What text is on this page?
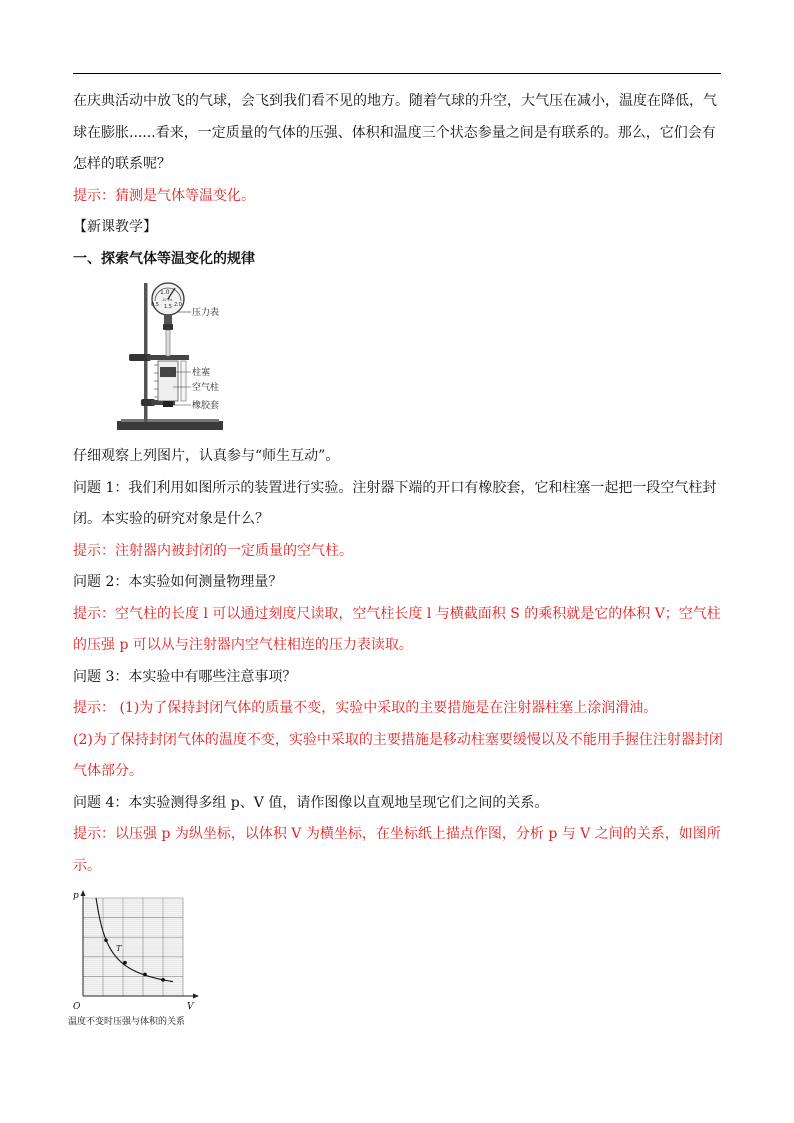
在庆典活动中放飞的气球，会飞到我们看不见的地方。随着气球的升空，大气压在减小，温度在降低，气球在膨胀......看来，一定质量的气体的压强、体积和温度三个状态参量之间是有联系的。那么，它们会有怎样的联系呢？

提示：猜测是气体等温变化。

【新课教学】

一、探索气体等温变化的规律

1.0
0.5 1.5 2.0
10⁵Pa
压力表
柱塞
空气柱
橡胶套

仔细观察上列图片，认真参与“师生互动”。

问题 1：我们利用如图所示的装置进行实验。注射器下端的开口有橡胶套，它和柱塞一起把一段空气柱封闭。本实验的研究对象是什么？

提示：注射器内被封闭的一定质量的空气柱。

问题 2：本实验如何测量物理量？

提示：空气柱的长度 l 可以通过刻度尺读取，空气柱长度 l 与横截面积 S 的乘积就是它的体积 V；空气柱的压强 p 可以从与注射器内空气柱相连的压力表读取。

问题 3：本实验中有哪些注意事项？

提示： (1)为了保持封闭气体的质量不变，实验中采取的主要措施是在注射器柱塞上涂润滑油。

(2)为了保持封闭气体的温度不变，实验中采取的主要措施是移动柱塞要缓慢以及不能用手握住注射器封闭气体部分。

问题 4：本实验测得多组 p、V 值，请作图像以直观地呈现它们之间的关系。

提示：以压强 p 为纵坐标，以体积 V 为横坐标，在坐标纸上描点作图，分析 p 与 V 之间的关系，如图所示。

T
p
V
O

温度不变时压强与体积的关系
